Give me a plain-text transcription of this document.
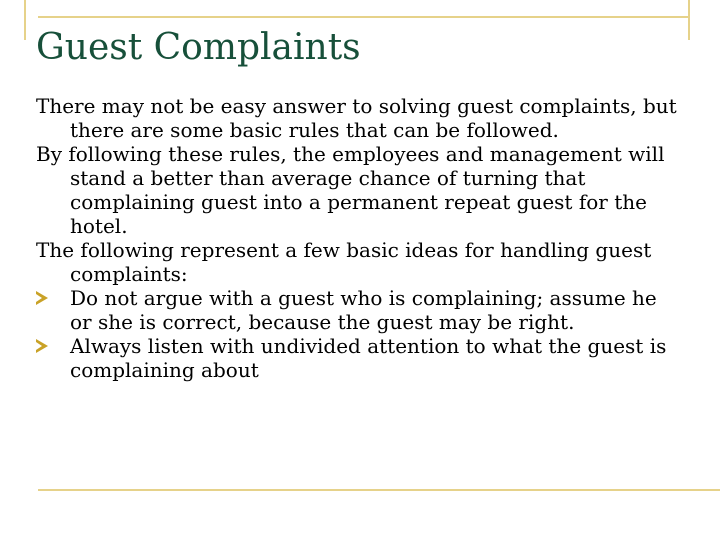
Guest Complaints

There may not be easy answer to solving guest complaints, but there are some basic rules that can be followed.

By following these rules, the employees and management will stand a better than average chance of turning that complaining guest into a permanent repeat guest for the hotel.

The following represent a few basic ideas for handling guest complaints:

Do not argue with a guest who is complaining; assume he or she is correct, because the guest may be right.
Always listen with undivided attention to what the guest is complaining about
